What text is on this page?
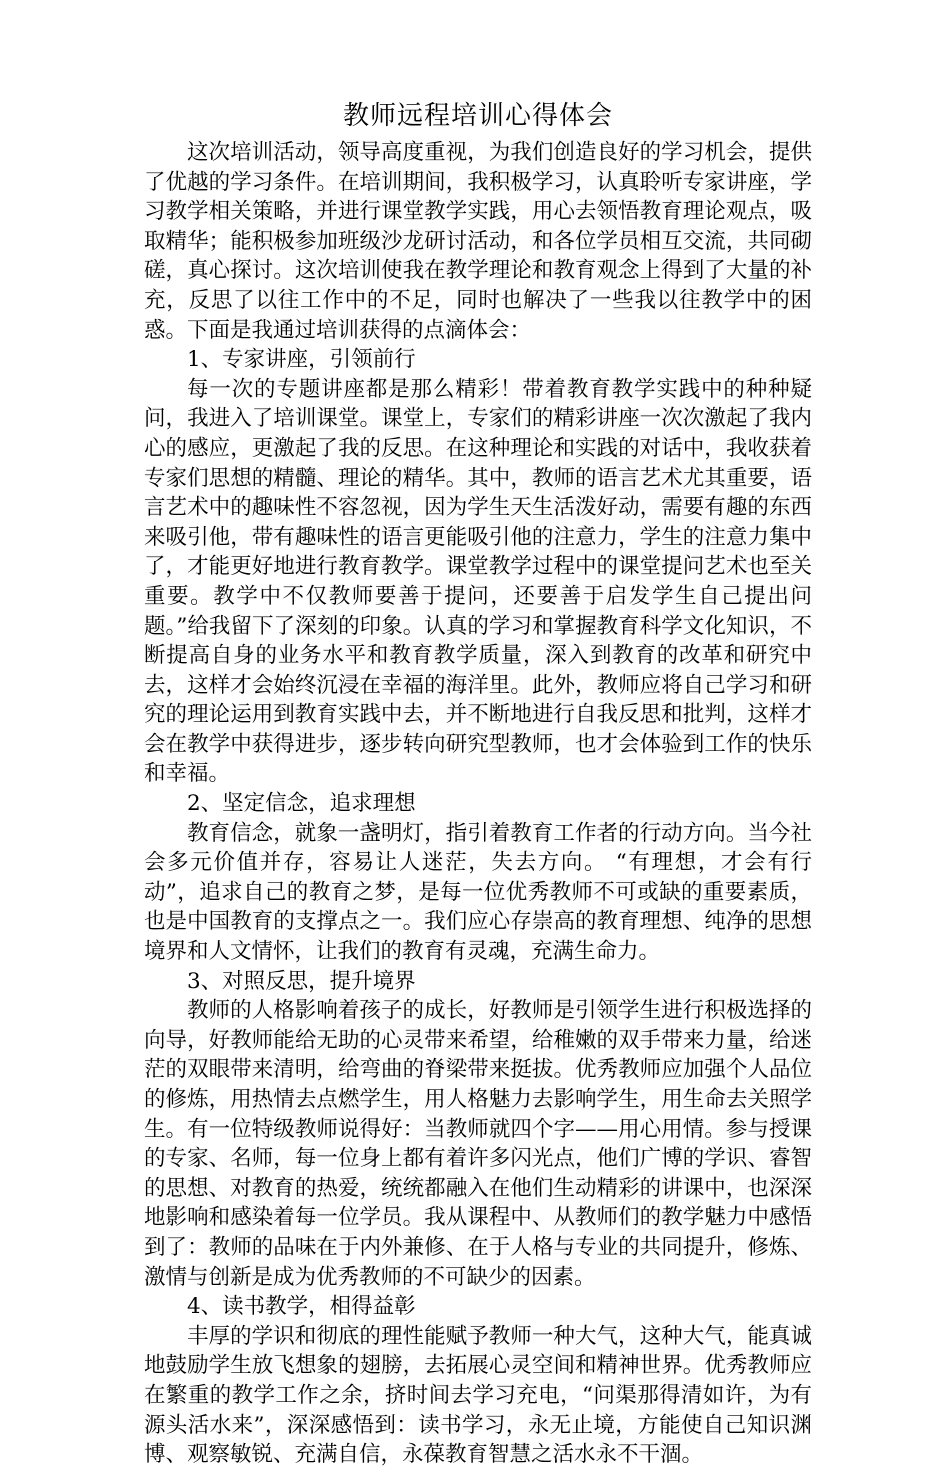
教师远程培训心得体会

这次培训活动，领导高度重视，为我们创造良好的学习机会，提供了优越的学习条件。在培训期间，我积极学习，认真聆听专家讲座，学习教学相关策略，并进行课堂教学实践，用心去领悟教育理论观点，吸取精华；能积极参加班级沙龙研讨活动，和各位学员相互交流，共同砌磋，真心探讨。这次培训使我在教学理论和教育观念上得到了大量的补充，反思了以往工作中的不足，同时也解决了一些我以往教学中的困惑。下面是我通过培训获得的点滴体会：

1、专家讲座，引领前行

每一次的专题讲座都是那么精彩！带着教育教学实践中的种种疑问，我进入了培训课堂。课堂上，专家们的精彩讲座一次次激起了我内心的感应，更激起了我的反思。在这种理论和实践的对话中，我收获着专家们思想的精髓、理论的精华。其中，教师的语言艺术尤其重要，语言艺术中的趣味性不容忽视，因为学生天生活泼好动，需要有趣的东西来吸引他，带有趣味性的语言更能吸引他的注意力，学生的注意力集中了，才能更好地进行教育教学。课堂教学过程中的课堂提问艺术也至关重要。教学中不仅教师要善于提问，还要善于启发学生自己提出问题。”给我留下了深刻的印象。认真的学习和掌握教育科学文化知识，不断提高自身的业务水平和教育教学质量，深入到教育的改革和研究中去，这样才会始终沉浸在幸福的海洋里。此外，教师应将自己学习和研究的理论运用到教育实践中去，并不断地进行自我反思和批判，这样才会在教学中获得进步，逐步转向研究型教师，也才会体验到工作的快乐和幸福。

2、坚定信念，追求理想

教育信念，就象一盏明灯，指引着教育工作者的行动方向。当今社会多元价值并存，容易让人迷茫，失去方向。 “有理想，才会有行动”，追求自己的教育之梦，是每一位优秀教师不可或缺的重要素质，也是中国教育的支撑点之一。我们应心存崇高的教育理想、纯净的思想境界和人文情怀，让我们的教育有灵魂，充满生命力。

3、对照反思，提升境界

教师的人格影响着孩子的成长，好教师是引领学生进行积极选择的向导，好教师能给无助的心灵带来希望，给稚嫩的双手带来力量，给迷茫的双眼带来清明，给弯曲的脊梁带来挺拔。优秀教师应加强个人品位的修炼，用热情去点燃学生，用人格魅力去影响学生，用生命去关照学生。有一位特级教师说得好：当教师就四个字——用心用情。参与授课的专家、名师，每一位身上都有着许多闪光点，他们广博的学识、睿智的思想、对教育的热爱，统统都融入在他们生动精彩的讲课中，也深深地影响和感染着每一位学员。我从课程中、从教师们的教学魅力中感悟到了：教师的品味在于内外兼修、在于人格与专业的共同提升，修炼、激情与创新是成为优秀教师的不可缺少的因素。

4、读书教学，相得益彰

丰厚的学识和彻底的理性能赋予教师一种大气，这种大气，能真诚地鼓励学生放飞想象的翅膀，去拓展心灵空间和精神世界。优秀教师应在繁重的教学工作之余，挤时间去学习充电，“问渠那得清如许，为有源头活水来”，深深感悟到：读书学习，永无止境，方能使自己知识渊博、观察敏锐、充满自信，永葆教育智慧之活水永不干涸。
